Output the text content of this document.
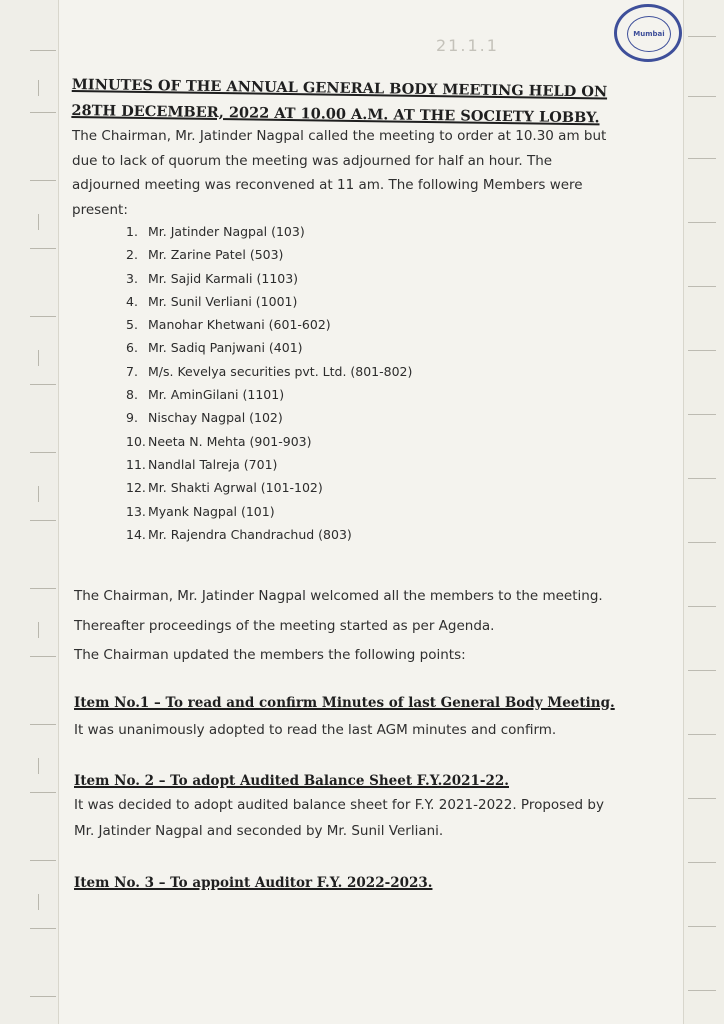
Mumbai
21.1.1
MINUTES OF THE ANNUAL GENERAL BODY MEETING HELD ON 28TH DECEMBER, 2022 AT 10.00 A.M. AT THE SOCIETY LOBBY.
The Chairman, Mr. Jatinder Nagpal called the meeting to order at 10.30 am but due to lack of quorum the meeting was adjourned for half an hour. The adjourned meeting was reconvened at 11 am. The following Members were present:
1. Mr. Jatinder Nagpal (103)
2. Mr. Zarine Patel (503)
3. Mr. Sajid Karmali (1103)
4. Mr. Sunil Verliani (1001)
5. Manohar Khetwani (601-602)
6. Mr. Sadiq Panjwani (401)
7. M/s. Kevelya securities pvt. Ltd. (801-802)
8. Mr. AminGilani (1101)
9. Nischay Nagpal (102)
10. Neeta N. Mehta (901-903)
11. Nandlal Talreja (701)
12. Mr. Shakti Agrwal (101-102)
13. Myank Nagpal (101)
14. Mr. Rajendra Chandrachud (803)
The Chairman, Mr. Jatinder Nagpal welcomed all the members to the meeting.
Thereafter proceedings of the meeting started as per Agenda.
The Chairman updated the members the following points:
Item No.1 – To read and confirm Minutes of last General Body Meeting.
It was unanimously adopted to read the last AGM minutes and confirm.
Item No. 2 – To adopt Audited Balance Sheet F.Y.2021-22.
It was decided to adopt audited balance sheet for F.Y. 2021-2022. Proposed by
Mr. Jatinder Nagpal and seconded by Mr. Sunil Verliani.
Item No. 3 – To appoint Auditor F.Y. 2022-2023.
